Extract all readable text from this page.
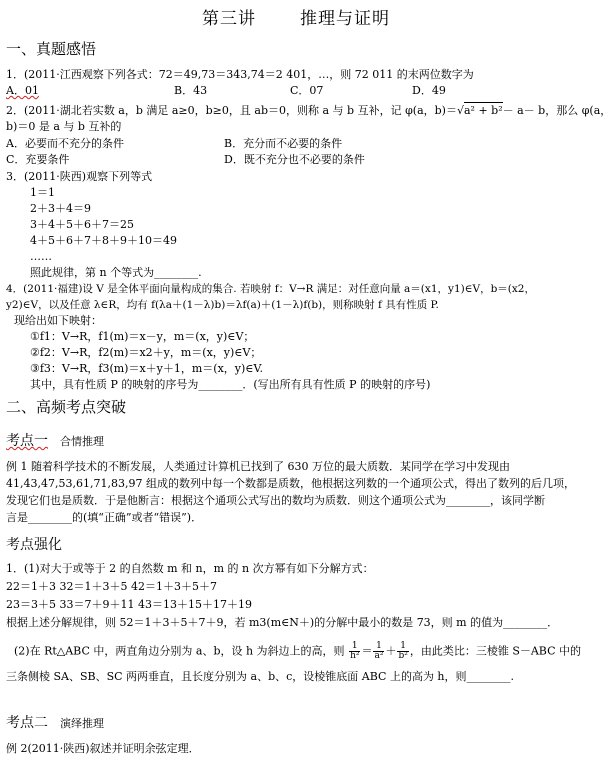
第三讲	推理与证明
一、真题感悟
1．(2011·江西观察下列各式：72＝49,73＝343,74＝2 401，…，则 72 011 的末两位数字为
A．01	B．43	C．07	D．49
2．(2011·湖北若实数 a，b 满足 a≥0，b≥0，且 ab＝0，则称 a 与 b 互补，记 φ(a，b)＝√a² + b²－ a－ b，那么 φ(a，
b)＝0 是 a 与 b 互补的
A．必要而不充分的条件	B．充分而不必要的条件
C．充要条件	D．既不充分也不必要的条件
3．(2011·陕西)观察下列等式
1＝1
2＋3＋4＝9
3＋4＋5＋6＋7＝25
4＋5＋6＋7＋8＋9＋10＝49
……
照此规律，第 n 个等式为________.
4．(2011·福建)设 V 是全体平面向量构成的集合. 若映射 f：V→R 满足：对任意向量 a＝(x1，y1)∈V，b＝(x2，
y2)∈V，以及任意 λ∈R，均有 f(λa＋(1－λ)b)＝λf(a)＋(1－λ)f(b)，则称映射 f 具有性质 P.
现给出如下映射：
①f1：V→R，f1(m)＝x－y，m＝(x，y)∈V；
②f2：V→R，f2(m)＝x2＋y，m＝(x，y)∈V；
③f3：V→R，f3(m)＝x＋y＋1，m＝(x，y)∈V.
其中，具有性质 P 的映射的序号为________．(写出所有具有性质 P 的映射的序号)
二、高频考点突破
考点一 合情推理
例 1 随着科学技术的不断发展，人类通过计算机已找到了 630 万位的最大质数．某同学在学习中发现由
41,43,47,53,61,71,83,97 组成的数列中每一个数都是质数，他根据这列数的一个通项公式，得出了数列的后几项，
发现它们也是质数．于是他断言：根据这个通项公式写出的数均为质数．则这个通项公式为________，该同学断
言是________的(填“正确”或者“错误”)．
考点强化
1．(1)对大于或等于 2 的自然数 m 和 n，m 的 n 次方幂有如下分解方式：
22＝1＋3 32＝1＋3＋5 42＝1＋3＋5＋7
23＝3＋5 33＝7＋9＋11 43＝13＋15＋17＋19
根据上述分解规律，则 52＝1＋3＋5＋7＋9，若 m3(m∈N＋)的分解中最小的数是 73，则 m 的值为________．
(2)在 Rt△ABC 中，两直角边分别为 a、b，设 h 为斜边上的高，则 $\frac{1}{\text{h²}} = \frac{1}{\text{a²}} + \frac{1}{\text{b²}}$ ，由此类比：三棱锥 S－ABC 中的
三条侧棱 SA、SB、SC 两两垂直，且长度分别为 a、b、c，设棱锥底面 ABC 上的高为 h，则________.
考点二 演绎推理
例 2(2011·陕西)叙述并证明余弦定理．
